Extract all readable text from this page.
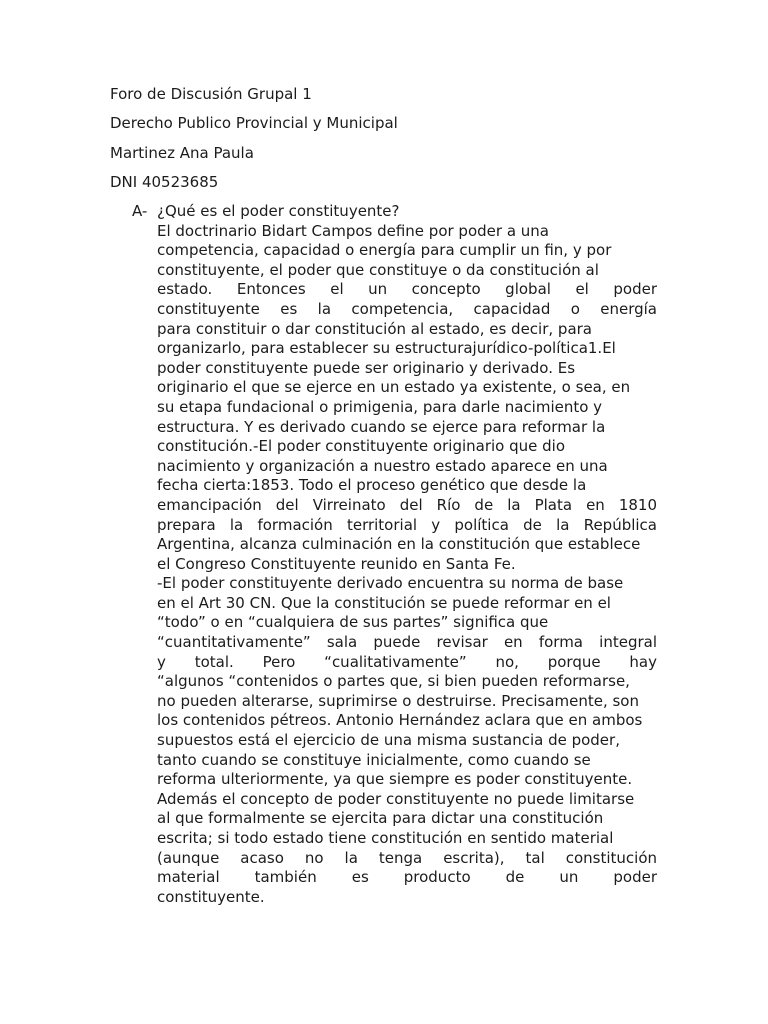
Foro de Discusión Grupal 1
Derecho Publico Provincial y Municipal
Martinez Ana Paula
DNI 40523685
A- ¿Qué es el poder constituyente?
El doctrinario Bidart Campos define por poder a una
competencia, capacidad o energía para cumplir un fin, y por
constituyente, el poder que constituye o da constitución al
estado. Entonces el un concepto global el poder
constituyente es la competencia, capacidad o energía
para constituir o dar constitución al estado, es decir, para
organizarlo, para establecer su estructurajurídico-política1.El
poder constituyente puede ser originario y derivado. Es
originario el que se ejerce en un estado ya existente, o sea, en
su etapa fundacional o primigenia, para darle nacimiento y
estructura. Y es derivado cuando se ejerce para reformar la
constitución.-El poder constituyente originario que dio
nacimiento y organización a nuestro estado aparece en una
fecha cierta:1853. Todo el proceso genético que desde la
emancipación del Virreinato del Río de la Plata en 1810
prepara la formación territorial y política de la República
Argentina, alcanza culminación en la constitución que establece
el Congreso Constituyente reunido en Santa Fe.
-El poder constituyente derivado encuentra su norma de base
en el Art 30 CN. Que la constitución se puede reformar en el
“todo” o en “cualquiera de sus partes” significa que
“cuantitativamente” sala puede revisar en forma integral
y total. Pero “cualitativamente” no, porque hay
“algunos “contenidos o partes que, si bien pueden reformarse,
no pueden alterarse, suprimirse o destruirse. Precisamente, son
los contenidos pétreos. Antonio Hernández aclara que en ambos
supuestos está el ejercicio de una misma sustancia de poder,
tanto cuando se constituye inicialmente, como cuando se
reforma ulteriormente, ya que siempre es poder constituyente.
Además el concepto de poder constituyente no puede limitarse
al que formalmente se ejercita para dictar una constitución
escrita; si todo estado tiene constitución en sentido material
(aunque acaso no la tenga escrita), tal constitución
material también es producto de un poder
constituyente.
